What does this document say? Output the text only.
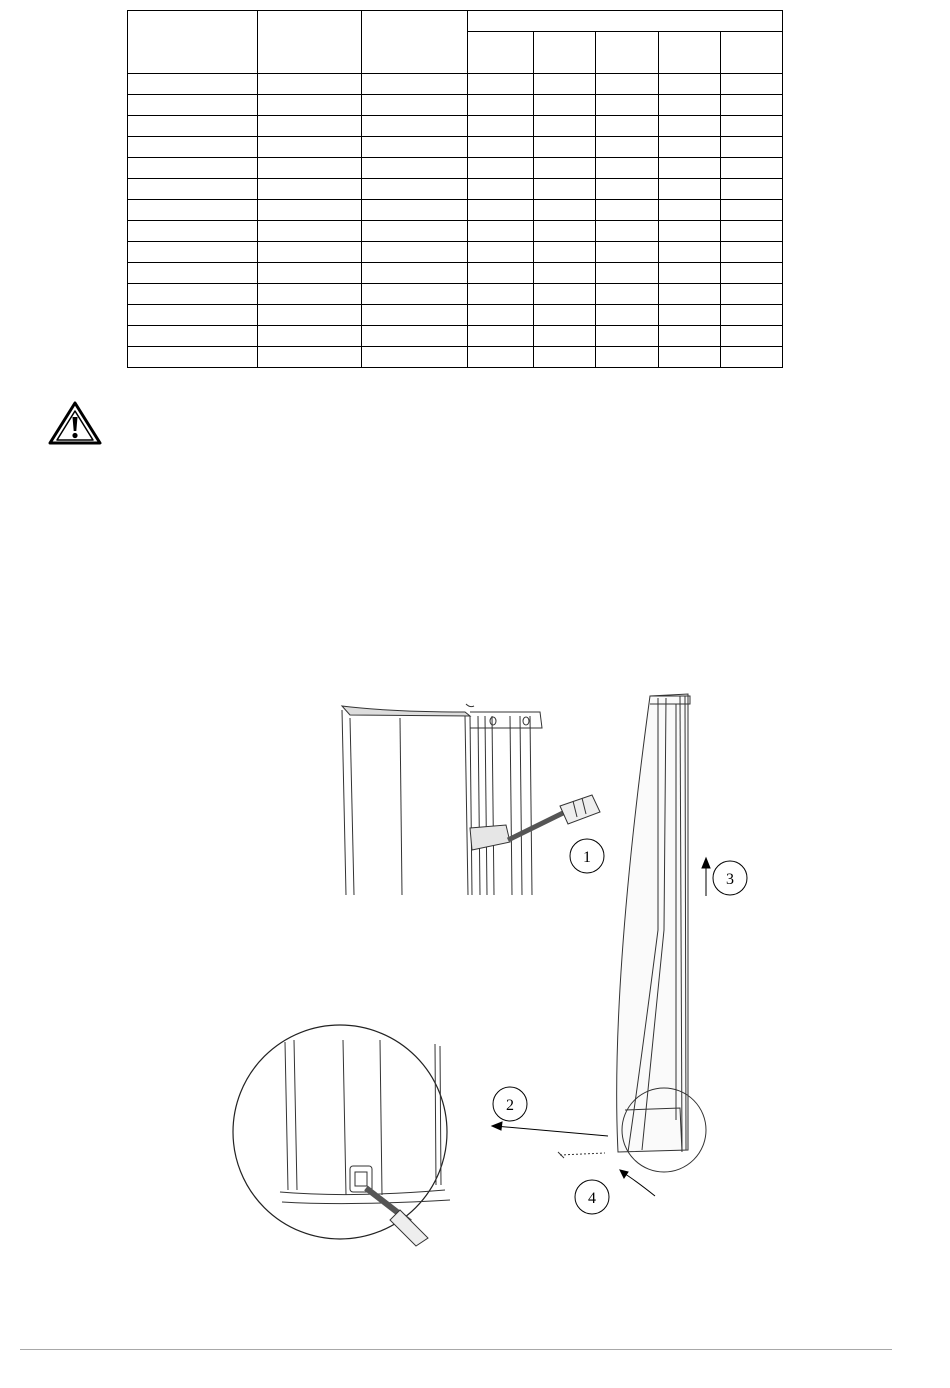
1
2
3
4
